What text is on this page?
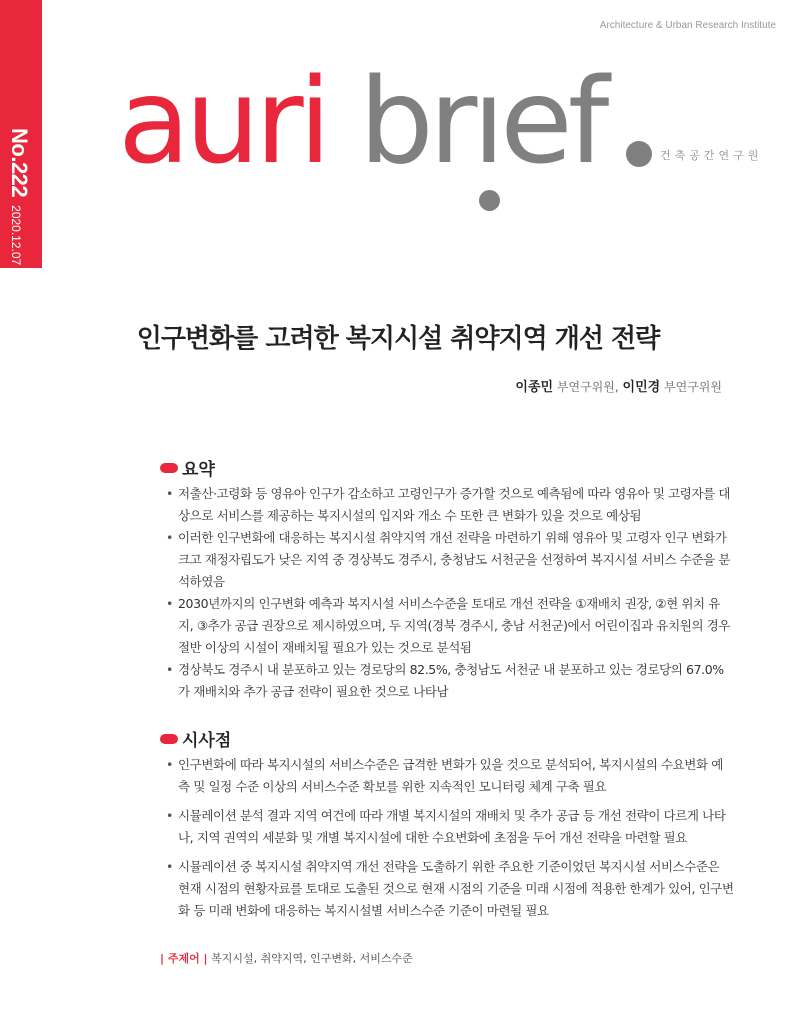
No.2222020.12.07
Architecture & Urban Research Institute
auri brıef	건축공간연구원
인구변화를 고려한 복지시설 취약지역 개선 전략
이종민 부연구위원, 이민경 부연구위원
요약
• 저출산·고령화 등 영유아 인구가 감소하고 고령인구가 증가할 것으로 예측됨에 따라 영유아 및 고령자를 대상으로 서비스를 제공하는 복지시설의 입지와 개소 수 또한 큰 변화가 있을 것으로 예상됨
• 이러한 인구변화에 대응하는 복지시설 취약지역 개선 전략을 마련하기 위해 영유아 및 고령자 인구 변화가 크고 재정자립도가 낮은 지역 중 경상북도 경주시, 충청남도 서천군을 선정하여 복지시설 서비스 수준을 분석하였음
• 2030년까지의 인구변화 예측과 복지시설 서비스수준을 토대로 개선 전략을 ①재배치 권장, ②현 위치 유지, ③추가 공급 권장으로 제시하였으며, 두 지역(경북 경주시, 충남 서천군)에서 어린이집과 유치원의 경우 절반 이상의 시설이 재배치될 필요가 있는 것으로 분석됨
• 경상북도 경주시 내 분포하고 있는 경로당의 82.5%, 충청남도 서천군 내 분포하고 있는 경로당의 67.0%가 재배치와 추가 공급 전략이 필요한 것으로 나타남
시사점
• 인구변화에 따라 복지시설의 서비스수준은 급격한 변화가 있을 것으로 분석되어, 복지시설의 수요변화 예측 및 일정 수준 이상의 서비스수준 확보를 위한 지속적인 모니터링 체계 구축 필요
• 시뮬레이션 분석 결과 지역 여건에 따라 개별 복지시설의 재배치 및 추가 공급 등 개선 전략이 다르게 나타나, 지역 권역의 세분화 및 개별 복지시설에 대한 수요변화에 초점을 두어 개선 전략을 마련할 필요
• 시뮬레이션 중 복지시설 취약지역 개선 전략을 도출하기 위한 주요한 기준이었던 복지시설 서비스수준은 현재 시점의 현황자료를 토대로 도출된 것으로 현재 시점의 기준을 미래 시점에 적용한 한계가 있어, 인구변화 등 미래 변화에 대응하는 복지시설별 서비스수준 기준이 마련될 필요
| 주제어 | 복지시설, 취약지역, 인구변화, 서비스수준
